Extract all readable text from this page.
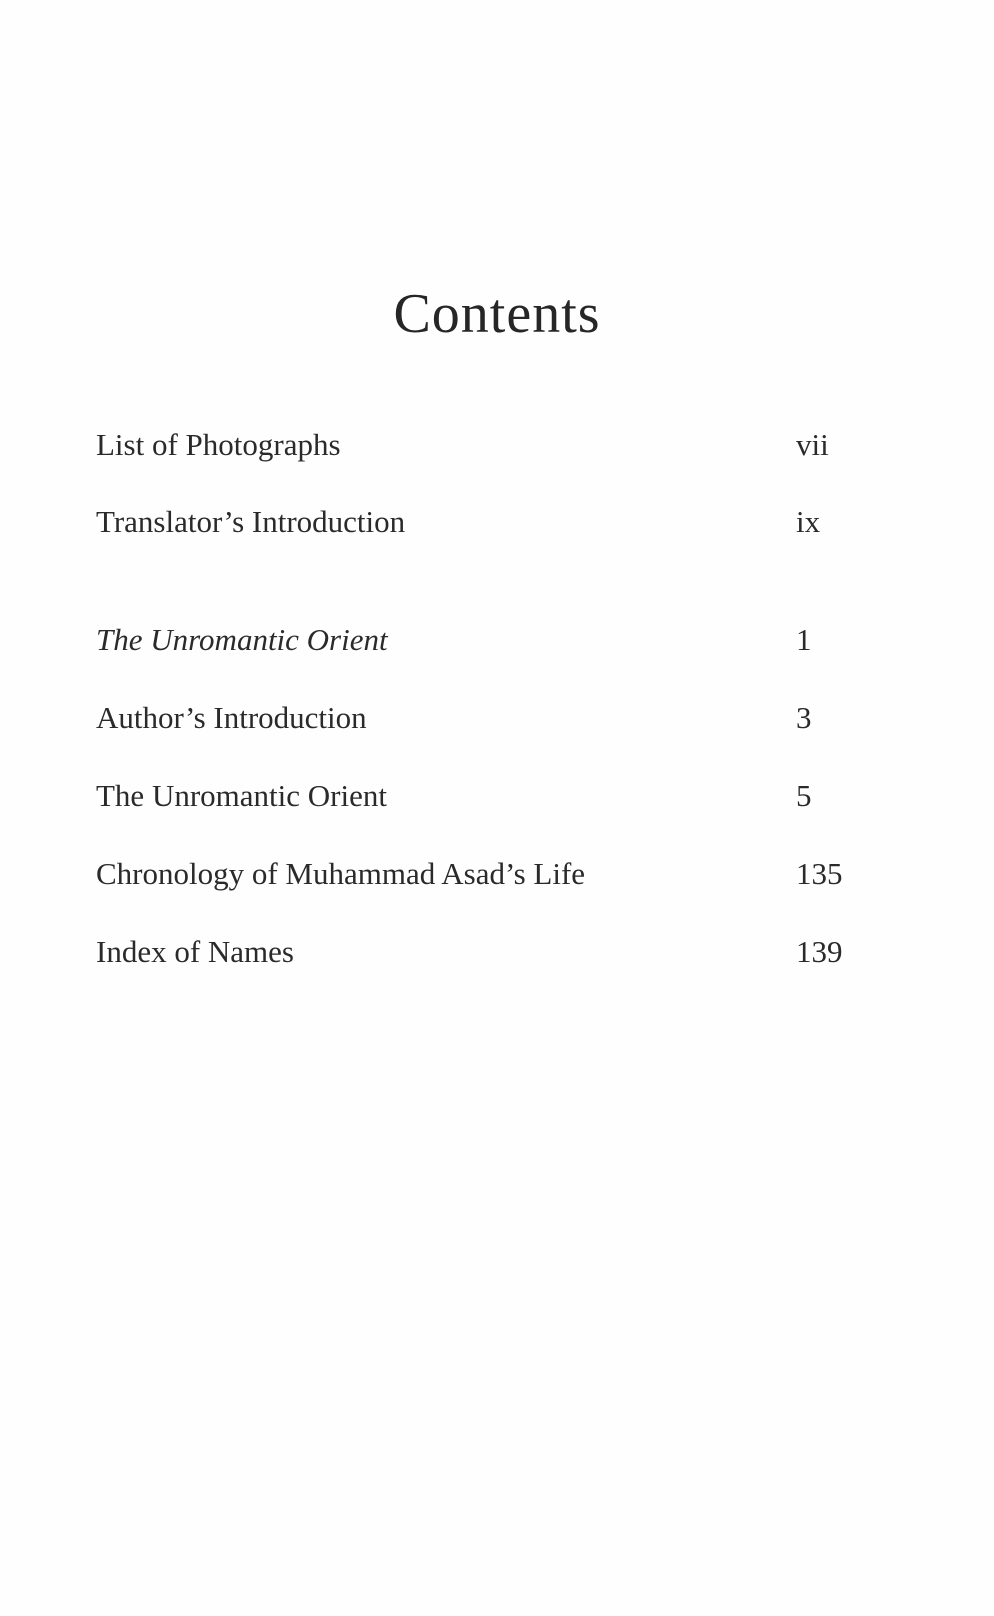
Contents
List of Photographs	vii
Translator’s Introduction	ix
The Unromantic Orient	1
Author’s Introduction	3
The Unromantic Orient	5
Chronology of Muhammad Asad’s Life	135
Index of Names	139
